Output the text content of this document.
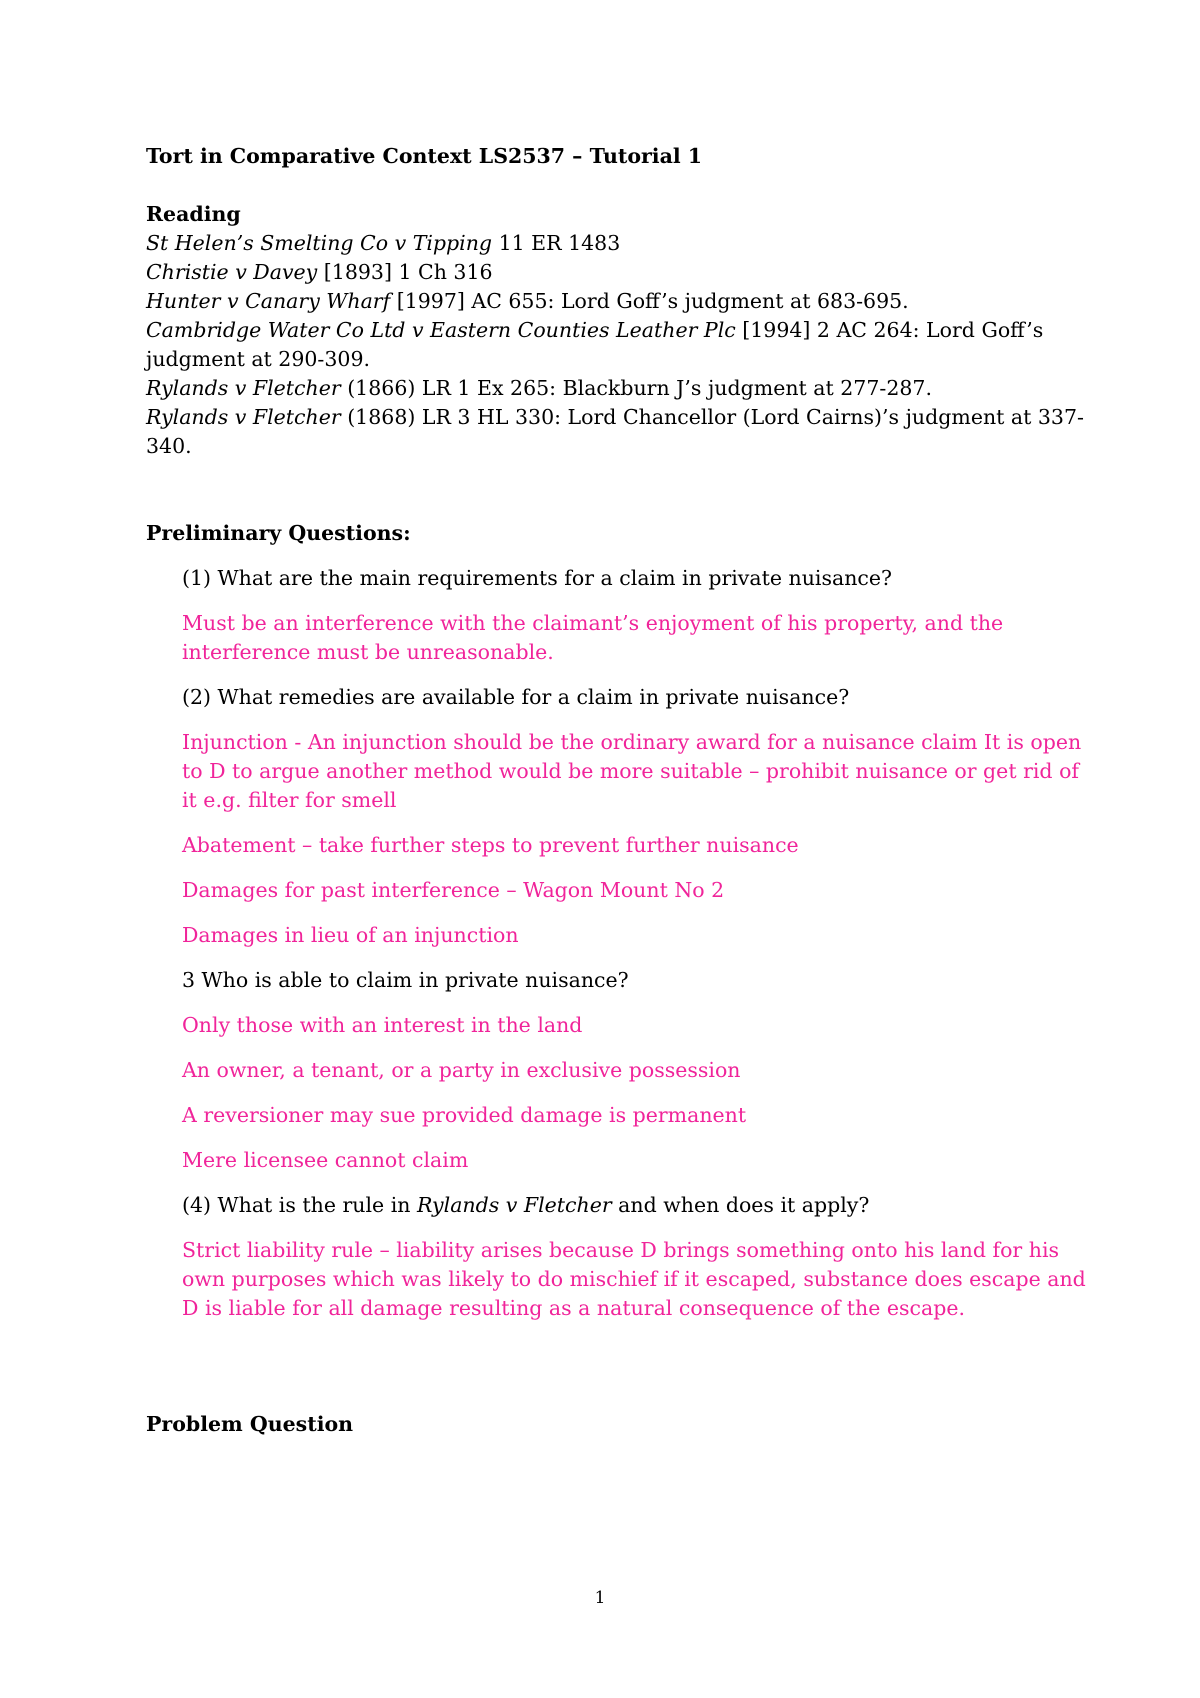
Tort in Comparative Context LS2537 – Tutorial 1

Reading

St Helen’s Smelting Co v Tipping 11 ER 1483

Christie v Davey [1893] 1 Ch 316

Hunter v Canary Wharf [1997] AC 655: Lord Goff’s judgment at 683-695.

Cambridge Water Co Ltd v Eastern Counties Leather Plc [1994] 2 AC 264: Lord Goff’s judgment at 290-309.

Rylands v Fletcher (1866) LR 1 Ex 265: Blackburn J’s judgment at 277-287.

Rylands v Fletcher (1868) LR 3 HL 330: Lord Chancellor (Lord Cairns)’s judgment at 337-340.

Preliminary Questions:

(1) What are the main requirements for a claim in private nuisance?

Must be an interference with the claimant’s enjoyment of his property, and the interference must be unreasonable.

(2) What remedies are available for a claim in private nuisance?

Injunction - An injunction should be the ordinary award for a nuisance claim It is open to D to argue another method would be more suitable – prohibit nuisance or get rid of it e.g. filter for smell

Abatement – take further steps to prevent further nuisance

Damages for past interference – Wagon Mount No 2

Damages in lieu of an injunction

3 Who is able to claim in private nuisance?

Only those with an interest in the land

An owner, a tenant, or a party in exclusive possession

A reversioner may sue provided damage is permanent

Mere licensee cannot claim

(4) What is the rule in Rylands v Fletcher and when does it apply?

Strict liability rule – liability arises because D brings something onto his land for his own purposes which was likely to do mischief if it escaped, substance does escape and D is liable for all damage resulting as a natural consequence of the escape.

Problem Question

1
